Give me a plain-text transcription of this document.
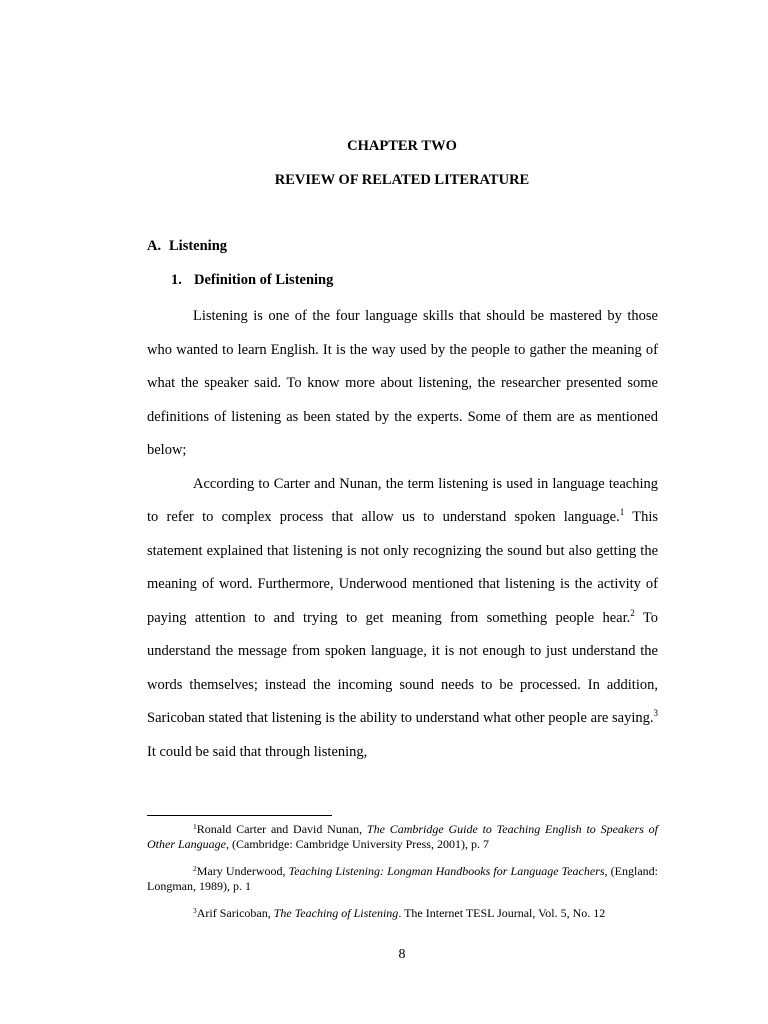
CHAPTER TWO
REVIEW OF RELATED LITERATURE
A. Listening
1. Definition of Listening

Listening is one of the four language skills that should be mastered by those who wanted to learn English. It is the way used by the people to gather the meaning of what the speaker said. To know more about listening, the researcher presented some definitions of listening as been stated by the experts. Some of them are as mentioned below;

According to Carter and Nunan, the term listening is used in language teaching to refer to complex process that allow us to understand spoken language.$^1$ This statement explained that listening is not only recognizing the sound but also getting the meaning of word. Furthermore, Underwood mentioned that listening is the activity of paying attention to and trying to get meaning from something people hear.$^2$ To understand the message from spoken language, it is not enough to just understand the words themselves; instead the incoming sound needs to be processed. In addition, Saricoban stated that listening is the ability to understand what other people are saying.$^3$ It could be said that through listening,

$^1$Ronald Carter and David Nunan, The Cambridge Guide to Teaching English to Speakers of Other Language, (Cambridge: Cambridge University Press, 2001), p. 7

$^2$Mary Underwood, Teaching Listening: Longman Handbooks for Language Teachers, (England: Longman, 1989), p. 1

$^3$Arif Saricoban, The Teaching of Listening. The Internet TESL Journal, Vol. 5, No. 12

8
